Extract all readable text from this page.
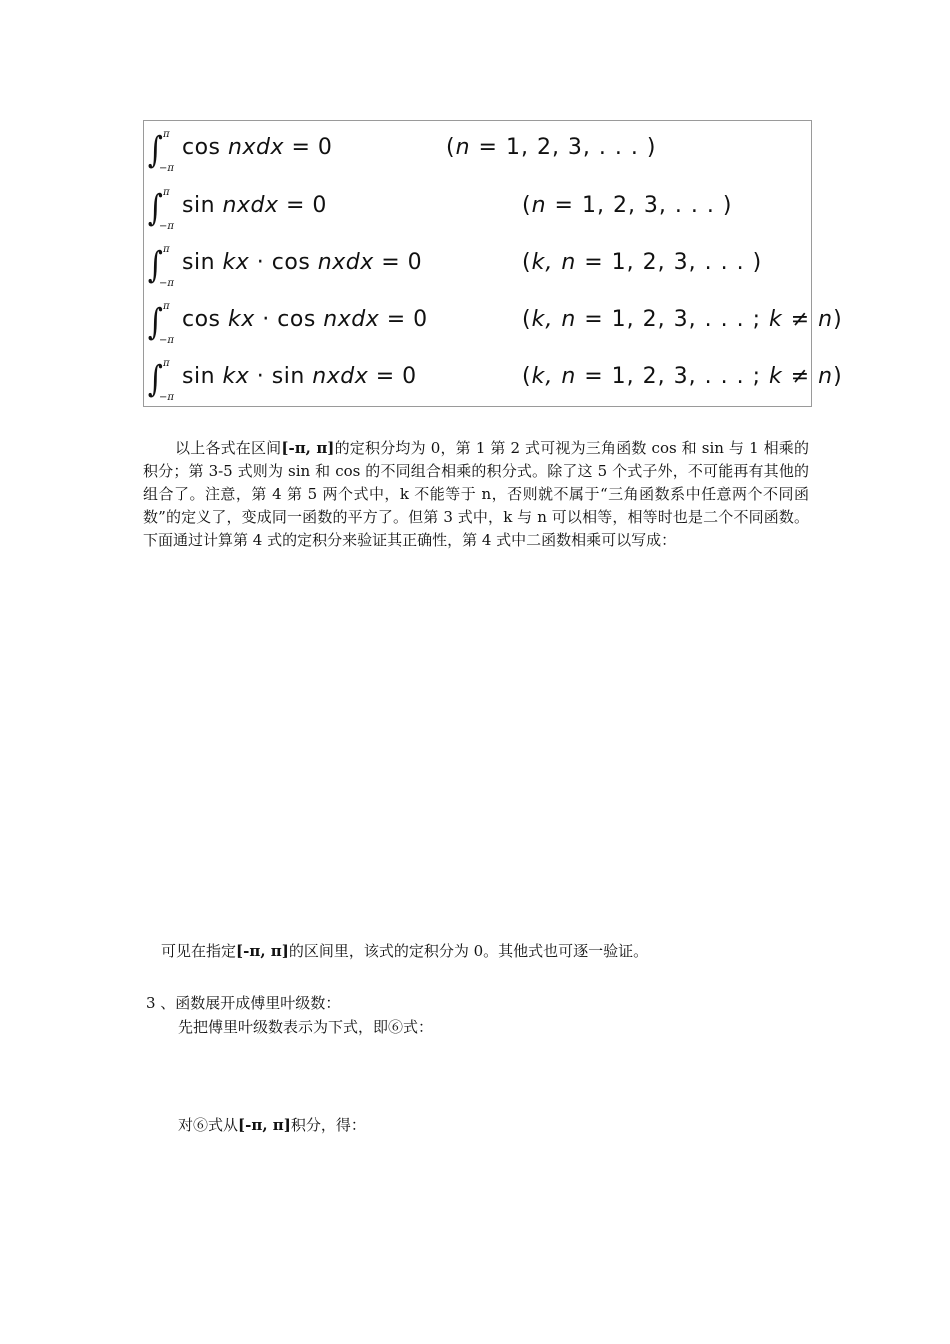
∫ π
−π
cos nxdx = 0	(n = 1, 2, 3, . . . )
∫ π
−π
sin nxdx = 0	(n = 1, 2, 3, . . . )
∫ π
−π
sin kx · cos nxdx = 0	(k, n = 1, 2, 3, . . . )
∫ π
−π
cos kx · cos nxdx = 0	(k, n = 1, 2, 3, . . . ; k ≠ n)
∫ π
−π
sin kx · sin nxdx = 0	(k, n = 1, 2, 3, . . . ; k ≠ n)
以上各式在区间[-π, π]的定积分均为 0，第 1 第 2 式可视为三角函数 cos 和 sin 与 1 相乘的积分；第 3-5 式则为 sin 和 cos 的不同组合相乘的积分式。除了这 5 个式子外，不可能再有其他的组合了。注意，第 4 第 5 两个式中，k 不能等于 n，否则就不属于“三角函数系中任意两个不同函数”的定义了，变成同一函数的平方了。但第 3 式中，k 与 n 可以相等，相等时也是二个不同函数。下面通过计算第 4 式的定积分来验证其正确性，第 4 式中二函数相乘可以写成：
可见在指定[-π, π]的区间里，该式的定积分为 0。其他式也可逐一验证。
3 、函数展开成傅里叶级数：
先把傅里叶级数表示为下式，即⑥式：
对⑥式从[-π, π]积分，得：
